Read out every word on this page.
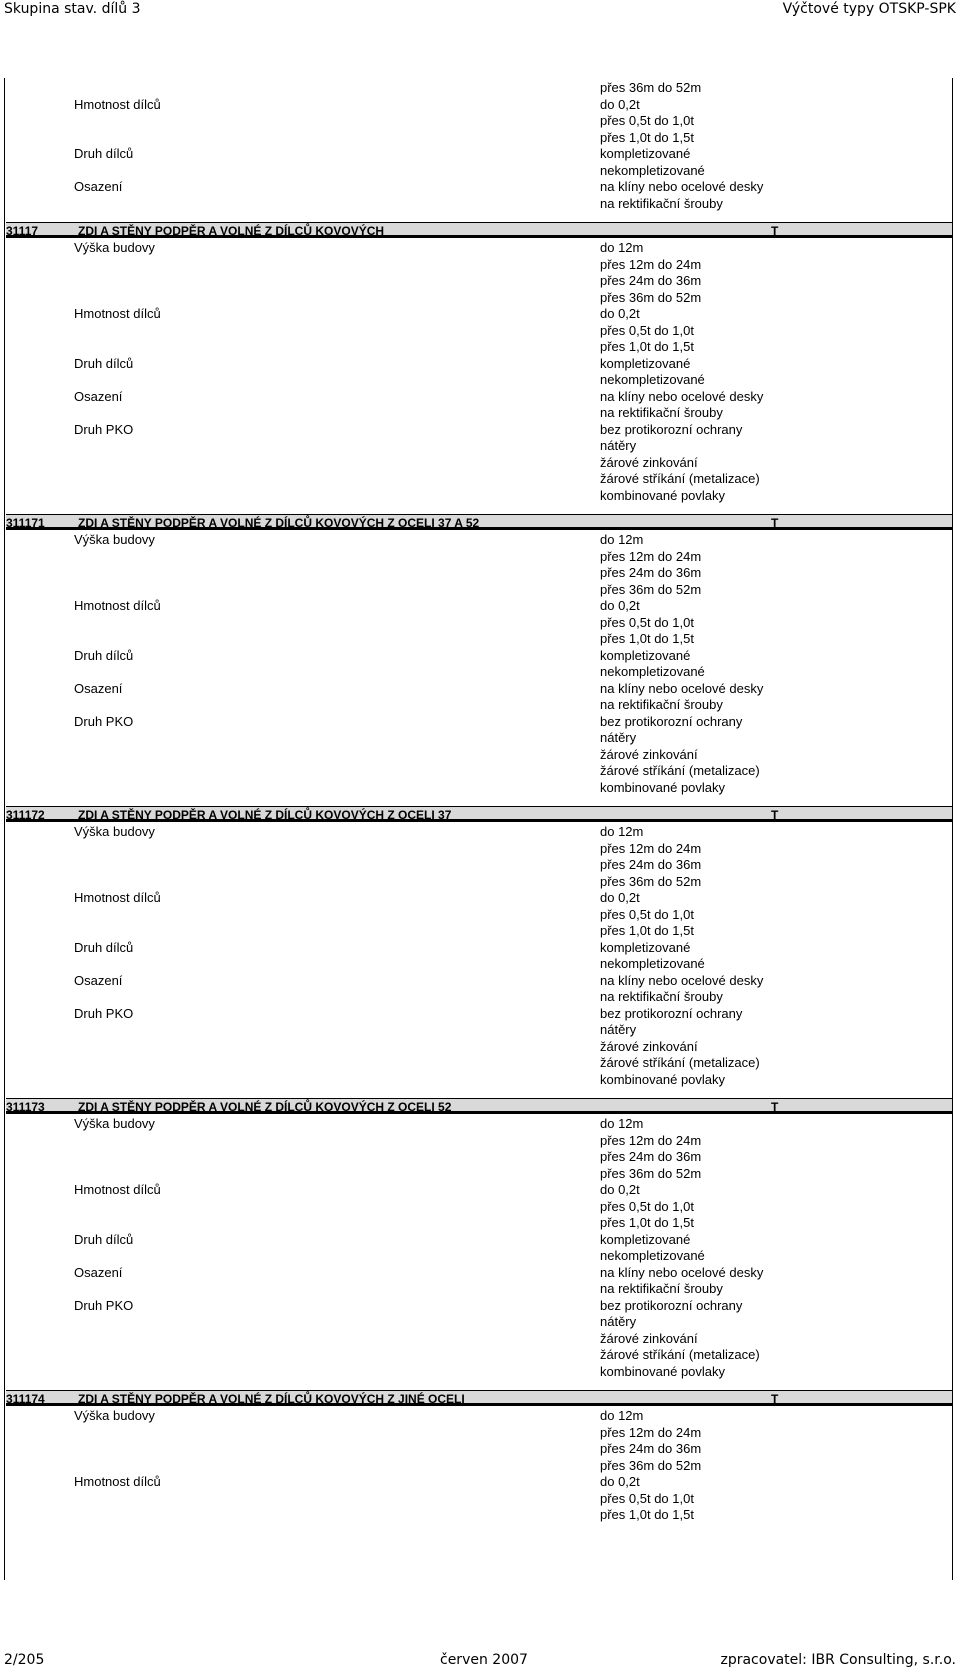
Skupina stav. dílů 3	Výčtové typy OTSKP-SPK
přes 36m do 52m
Hmotnost dílců	do 0,2t
přes 0,5t do 1,0t
přes 1,0t do 1,5t
Druh dílců	kompletizované
nekompletizované
Osazení	na klíny nebo ocelové desky
na rektifikační šrouby
31117	ZDI A STĚNY PODPĚR A VOLNÉ Z DÍLCŮ KOVOVÝCH	T
Výška budovy	do 12m
přes 12m do 24m
přes 24m do 36m
přes 36m do 52m
Hmotnost dílců	do 0,2t
přes 0,5t do 1,0t
přes 1,0t do 1,5t
Druh dílců	kompletizované
nekompletizované
Osazení	na klíny nebo ocelové desky
na rektifikační šrouby
Druh PKO	bez protikorozní ochrany
nátěry
žárové zinkování
žárové stříkání (metalizace)
kombinované povlaky
311171	ZDI A STĚNY PODPĚR A VOLNÉ Z DÍLCŮ KOVOVÝCH Z OCELI 37 A 52	T
Výška budovy	do 12m
přes 12m do 24m
přes 24m do 36m
přes 36m do 52m
Hmotnost dílců	do 0,2t
přes 0,5t do 1,0t
přes 1,0t do 1,5t
Druh dílců	kompletizované
nekompletizované
Osazení	na klíny nebo ocelové desky
na rektifikační šrouby
Druh PKO	bez protikorozní ochrany
nátěry
žárové zinkování
žárové stříkání (metalizace)
kombinované povlaky
311172	ZDI A STĚNY PODPĚR A VOLNÉ Z DÍLCŮ KOVOVÝCH Z OCELI 37	T
Výška budovy	do 12m
přes 12m do 24m
přes 24m do 36m
přes 36m do 52m
Hmotnost dílců	do 0,2t
přes 0,5t do 1,0t
přes 1,0t do 1,5t
Druh dílců	kompletizované
nekompletizované
Osazení	na klíny nebo ocelové desky
na rektifikační šrouby
Druh PKO	bez protikorozní ochrany
nátěry
žárové zinkování
žárové stříkání (metalizace)
kombinované povlaky
311173	ZDI A STĚNY PODPĚR A VOLNÉ Z DÍLCŮ KOVOVÝCH Z OCELI 52	T
Výška budovy	do 12m
přes 12m do 24m
přes 24m do 36m
přes 36m do 52m
Hmotnost dílců	do 0,2t
přes 0,5t do 1,0t
přes 1,0t do 1,5t
Druh dílců	kompletizované
nekompletizované
Osazení	na klíny nebo ocelové desky
na rektifikační šrouby
Druh PKO	bez protikorozní ochrany
nátěry
žárové zinkování
žárové stříkání (metalizace)
kombinované povlaky
311174	ZDI A STĚNY PODPĚR A VOLNÉ Z DÍLCŮ KOVOVÝCH Z JINÉ OCELI	T
Výška budovy	do 12m
přes 12m do 24m
přes 24m do 36m
přes 36m do 52m
Hmotnost dílců	do 0,2t
přes 0,5t do 1,0t
přes 1,0t do 1,5t
2/205	červen 2007	zpracovatel: IBR Consulting, s.r.o.
